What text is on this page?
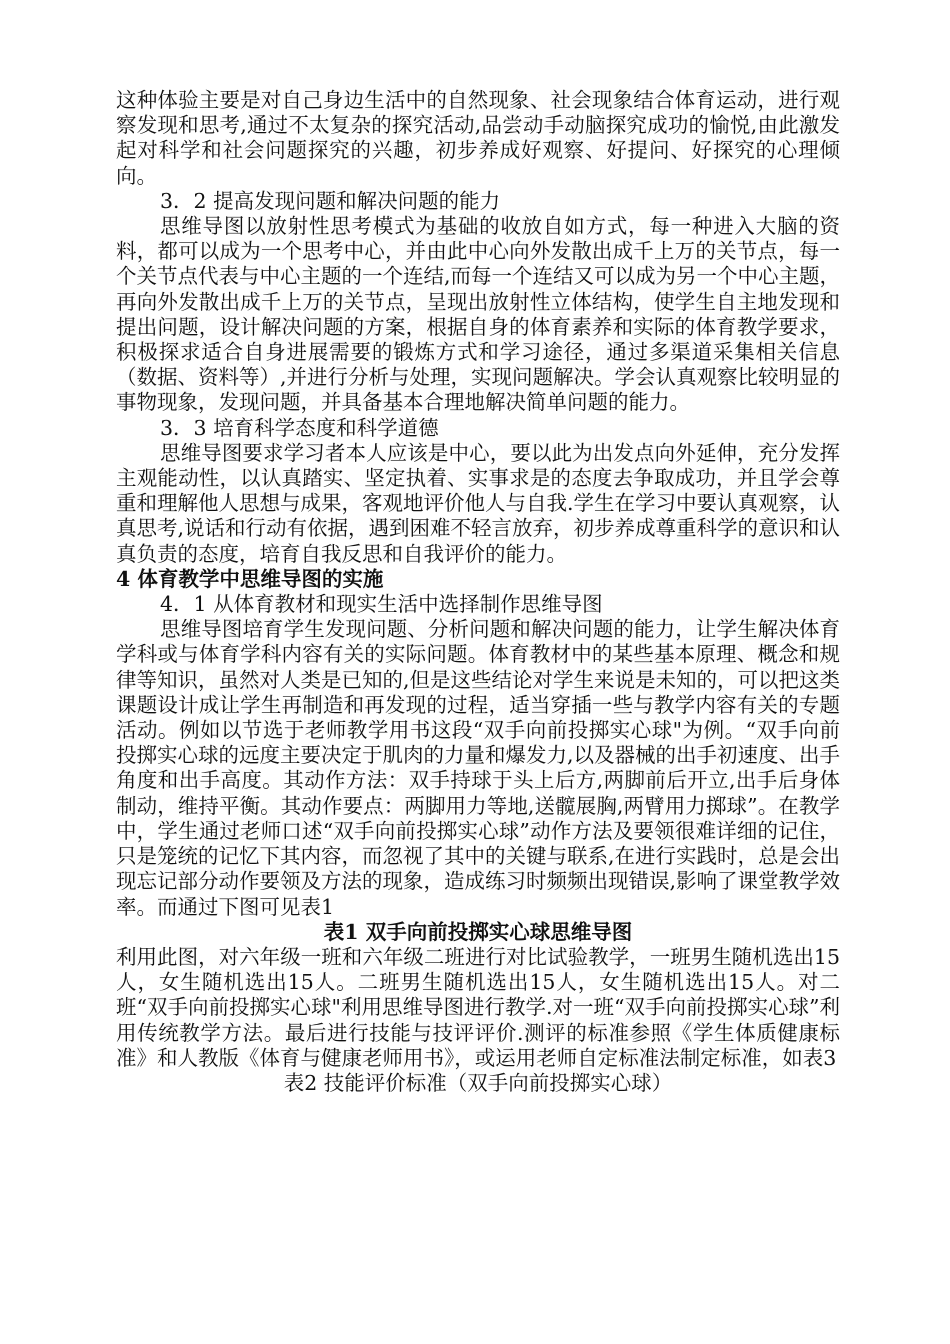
这种体验主要是对自己身边生活中的自然现象、社会现象结合体育运动，进行观察发现和思考,通过不太复杂的探究活动,品尝动手动脑探究成功的愉悦,由此激发起对科学和社会问题探究的兴趣，初步养成好观察、好提问、好探究的心理倾向。

3．2 提高发现问题和解决问题的能力

思维导图以放射性思考模式为基础的收放自如方式，每一种进入大脑的资料，都可以成为一个思考中心，并由此中心向外发散出成千上万的关节点，每一个关节点代表与中心主题的一个连结,而每一个连结又可以成为另一个中心主题，再向外发散出成千上万的关节点，呈现出放射性立体结构，使学生自主地发现和提出问题，设计解决问题的方案，根据自身的体育素养和实际的体育教学要求，积极探求适合自身进展需要的锻炼方式和学习途径，通过多渠道采集相关信息（数据、资料等）,并进行分析与处理，实现问题解决。学会认真观察比较明显的事物现象，发现问题，并具备基本合理地解决简单问题的能力。

3．3 培育科学态度和科学道德

思维导图要求学习者本人应该是中心，要以此为出发点向外延伸，充分发挥主观能动性，以认真踏实、坚定执着、实事求是的态度去争取成功，并且学会尊重和理解他人思想与成果，客观地评价他人与自我.学生在学习中要认真观察，认真思考,说话和行动有依据，遇到困难不轻言放弃，初步养成尊重科学的意识和认真负责的态度，培育自我反思和自我评价的能力。

4 体育教学中思维导图的实施

4．1 从体育教材和现实生活中选择制作思维导图

思维导图培育学生发现问题、分析问题和解决问题的能力，让学生解决体育学科或与体育学科内容有关的实际问题。体育教材中的某些基本原理、概念和规律等知识，虽然对人类是已知的,但是这些结论对学生来说是未知的，可以把这类课题设计成让学生再制造和再发现的过程，适当穿插一些与教学内容有关的专题活动。例如以节选于老师教学用书这段“双手向前投掷实心球"为例。“双手向前投掷实心球的远度主要决定于肌肉的力量和爆发力,以及器械的出手初速度、出手角度和出手高度。其动作方法：双手持球于头上后方,两脚前后开立,出手后身体制动，维持平衡。其动作要点：两脚用力等地,送髋展胸,两臂用力掷球”。在教学中，学生通过老师口述“双手向前投掷实心球”动作方法及要领很难详细的记住，只是笼统的记忆下其内容，而忽视了其中的关键与联系,在进行实践时，总是会出现忘记部分动作要领及方法的现象，造成练习时频频出现错误,影响了课堂教学效率。而通过下图可见表1

表1 双手向前投掷实心球思维导图

利用此图，对六年级一班和六年级二班进行对比试验教学，一班男生随机选出15人，女生随机选出15人。二班男生随机选出15人，女生随机选出15人。对二班“双手向前投掷实心球"利用思维导图进行教学.对一班“双手向前投掷实心球”利用传统教学方法。最后进行技能与技评评价.测评的标准参照《学生体质健康标准》和人教版《体育与健康老师用书》，或运用老师自定标准法制定标准，如表3

表2 技能评价标准（双手向前投掷实心球）
